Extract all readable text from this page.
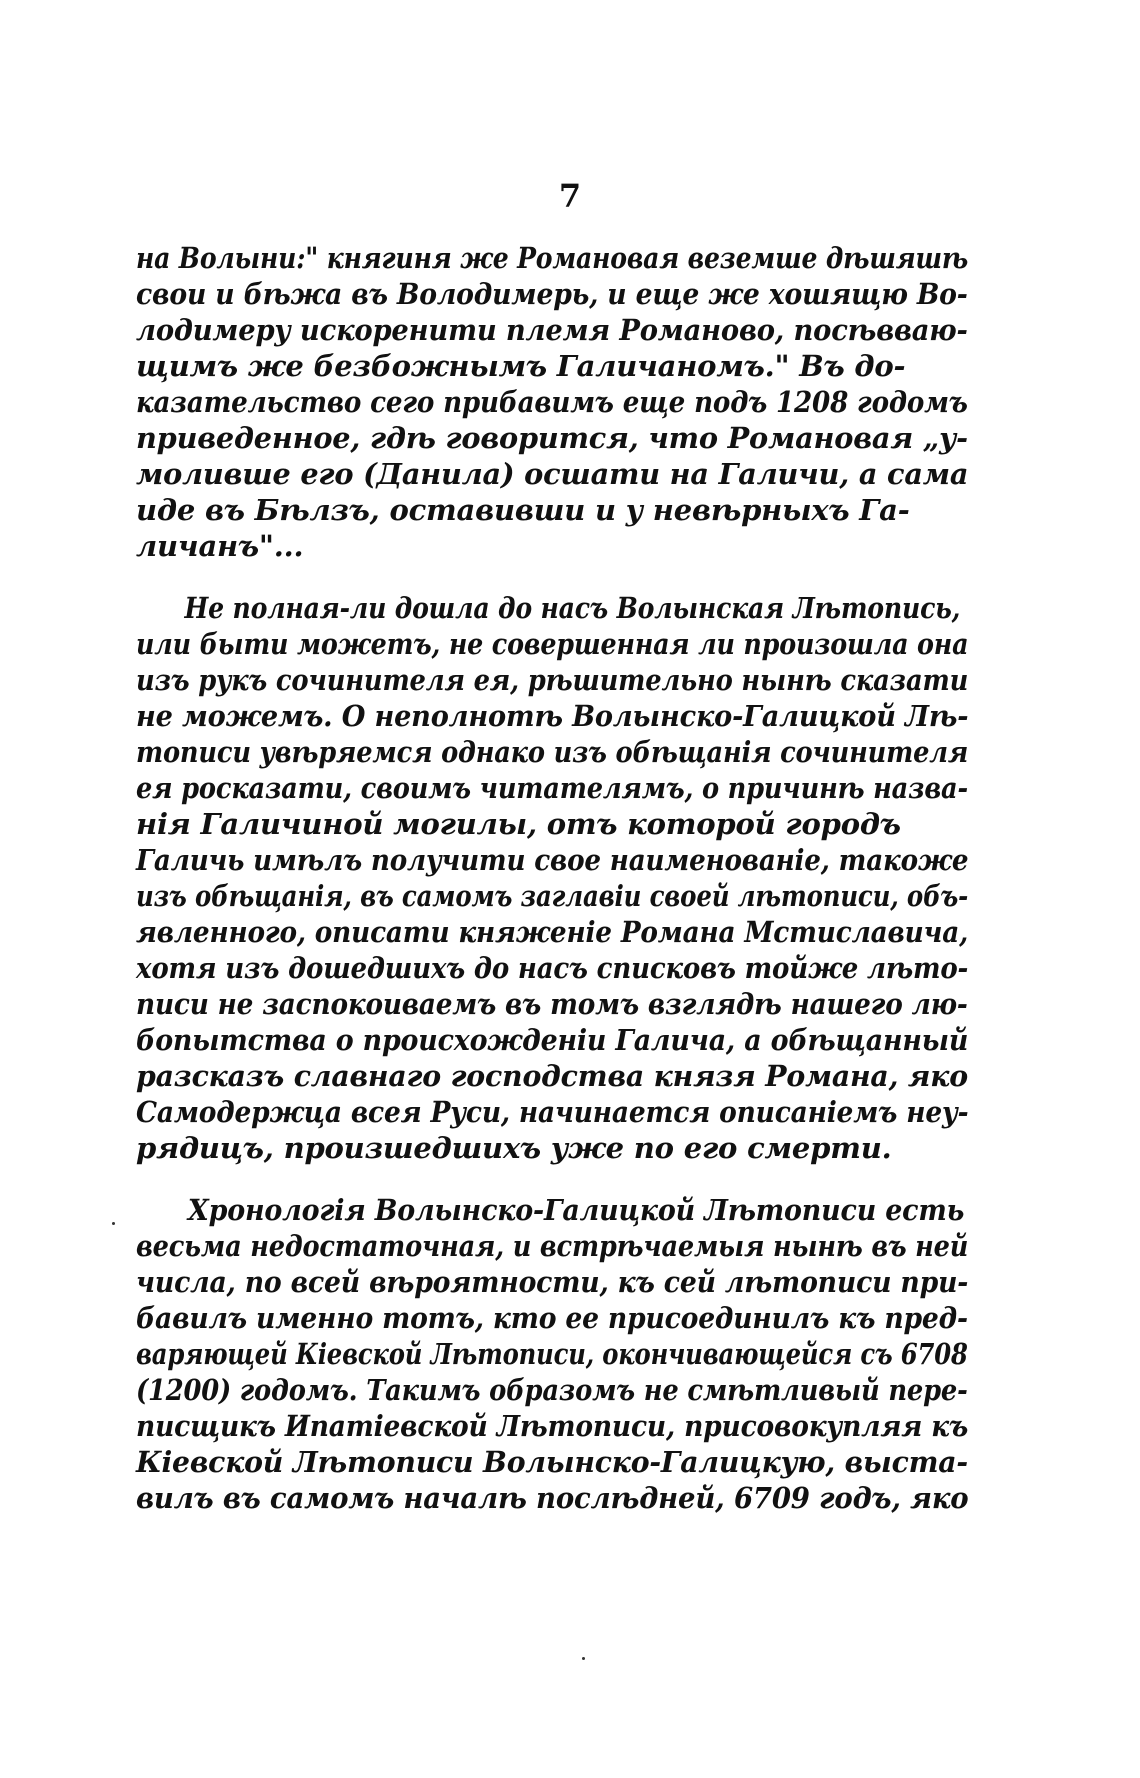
7
на Волыни:" княгиня же Романовая веземше дѣшяшѣ
свои и бѣжа въ Володимерь, и еще же хошящю Во-
лодимеру искоренити племя Романово, посѣвваю-
щимъ же безбожнымъ Галичаномъ." Въ до-
казательство сего прибавимъ еще подъ 1208 годомъ
приведенное, гдѣ говорится, что Романовая „у-
моливше его (Данила) осшати на Галичи, а сама
иде въ Бѣлзъ, оставивши и у невѣрныхъ Га-
личанъ"...
Не полная-ли дошла до насъ Волынская Лѣтопись,
или быти можетъ, не совершенная ли произошла она
изъ рукъ сочинителя ея, рѣшительно нынѣ сказати
не можемъ. О неполнотѣ Волынско-Галицкой Лѣ-
тописи увѣряемся однако изъ обѣщанія сочинителя
ея росказати, своимъ читателямъ, о причинѣ назва-
нія Галичиной могилы, отъ которой городъ
Галичь имѣлъ получити свое наименованіе, такоже
изъ обѣщанія, въ самомъ заглавіи своей лѣтописи, объ-
явленного, описати княженіе Романа Мстиславича,
хотя изъ дошедшихъ до насъ списковъ тойже лѣто-
писи не заспокоиваемъ въ томъ взглядѣ нашего лю-
бопытства о происхожденіи Галича, а обѣщанный
разсказъ славнаго господства князя Романа, яко
Самодержца всея Руси, начинается описаніемъ неу-
рядицъ, произшедшихъ уже по его смерти.
Хронологія Волынско-Галицкой Лѣтописи есть
весьма недостаточная, и встрѣчаемыя нынѣ въ ней
числа, по всей вѣроятности, къ сей лѣтописи при-
бавилъ именно тотъ, кто ее присоединилъ къ пред-
варяющей Кіевской Лѣтописи, окончивающейся съ 6708
(1200) годомъ. Такимъ образомъ не смѣтливый пере-
писщикъ Ипатіевской Лѣтописи, присовокупляя къ
Кіевской Лѣтописи Волынско-Галицкую, выста-
вилъ въ самомъ началѣ послѣдней, 6709 годъ, яко
